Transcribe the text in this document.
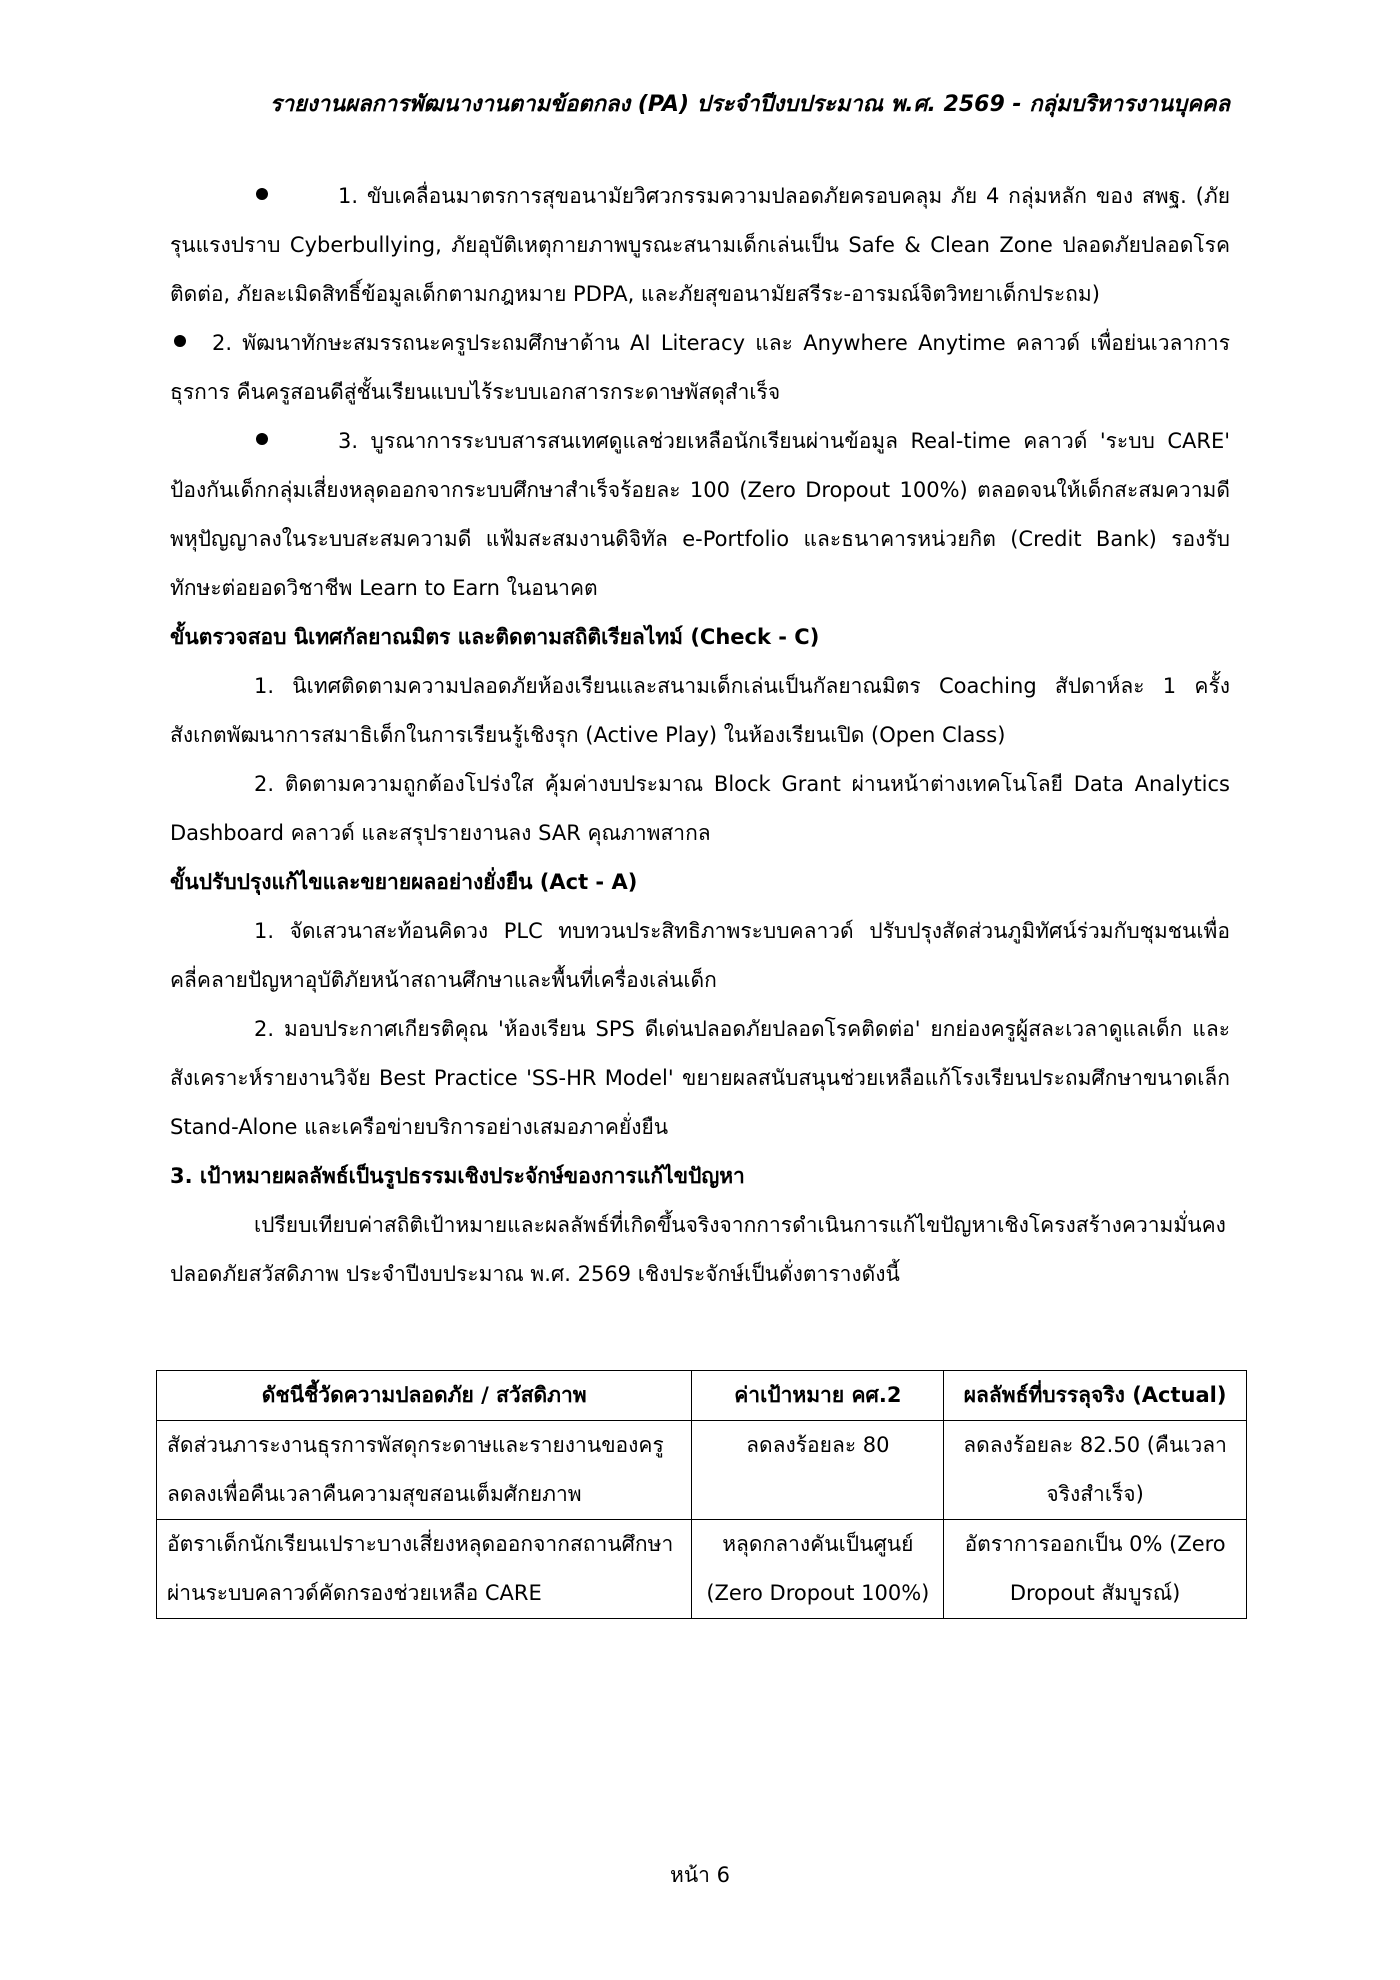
รายงานผลการพัฒนางานตามข้อตกลง (PA) ประจำปีงบประมาณ พ.ศ. 2569 - กลุ่มบริหารงานบุคคล

1. ขับเคลื่อนมาตรการสุขอนามัยวิศวกรรมความปลอดภัยครอบคลุม ภัย 4 กลุ่มหลัก ของ สพฐ. (ภัยรุนแรงปราบ Cyberbullying, ภัยอุบัติเหตุกายภาพบูรณะสนามเด็กเล่นเป็น Safe & Clean Zone ปลอดภัยปลอดโรคติดต่อ, ภัยละเมิดสิทธิ์ข้อมูลเด็กตามกฎหมาย PDPA, และภัยสุขอนามัยสรีระ-อารมณ์จิตวิทยาเด็กประถม)

2. พัฒนาทักษะสมรรถนะครูประถมศึกษาด้าน AI Literacy และ Anywhere Anytime คลาวด์ เพื่อย่นเวลาการธุรการ คืนครูสอนดีสู่ชั้นเรียนแบบไร้ระบบเอกสารกระดาษพัสดุสำเร็จ

3. บูรณาการระบบสารสนเทศดูแลช่วยเหลือนักเรียนผ่านข้อมูล Real-time คลาวด์ 'ระบบ CARE' ป้องกันเด็กกลุ่มเสี่ยงหลุดออกจากระบบศึกษาสำเร็จร้อยละ 100 (Zero Dropout 100%) ตลอดจนให้เด็กสะสมความดีพหุปัญญาลงในระบบสะสมความดี แฟ้มสะสมงานดิจิทัล e-Portfolio และธนาคารหน่วยกิต (Credit Bank) รองรับทักษะต่อยอดวิชาชีพ Learn to Earn ในอนาคต

ขั้นตรวจสอบ นิเทศกัลยาณมิตร และติดตามสถิติเรียลไทม์ (Check - C)

1. นิเทศติดตามความปลอดภัยห้องเรียนและสนามเด็กเล่นเป็นกัลยาณมิตร Coaching สัปดาห์ละ 1 ครั้ง สังเกตพัฒนาการสมาธิเด็กในการเรียนรู้เชิงรุก (Active Play) ในห้องเรียนเปิด (Open Class)

2. ติดตามความถูกต้องโปร่งใส คุ้มค่างบประมาณ Block Grant ผ่านหน้าต่างเทคโนโลยี Data Analytics Dashboard คลาวด์ และสรุปรายงานลง SAR คุณภาพสากล

ขั้นปรับปรุงแก้ไขและขยายผลอย่างยั่งยืน (Act - A)

1. จัดเสวนาสะท้อนคิดวง PLC ทบทวนประสิทธิภาพระบบคลาวด์ ปรับปรุงสัดส่วนภูมิทัศน์ร่วมกับชุมชนเพื่อคลี่คลายปัญหาอุบัติภัยหน้าสถานศึกษาและพื้นที่เครื่องเล่นเด็ก

2. มอบประกาศเกียรติคุณ 'ห้องเรียน SPS ดีเด่นปลอดภัยปลอดโรคติดต่อ' ยกย่องครูผู้สละเวลาดูแลเด็ก และสังเคราะห์รายงานวิจัย Best Practice 'SS-HR Model' ขยายผลสนับสนุนช่วยเหลือแก้โรงเรียนประถมศึกษาขนาดเล็ก Stand-Alone และเครือข่ายบริการอย่างเสมอภาคยั่งยืน

3. เป้าหมายผลลัพธ์เป็นรูปธรรมเชิงประจักษ์ของการแก้ไขปัญหา

เปรียบเทียบค่าสถิติเป้าหมายและผลลัพธ์ที่เกิดขึ้นจริงจากการดำเนินการแก้ไขปัญหาเชิงโครงสร้างความมั่นคงปลอดภัยสวัสดิภาพ ประจำปีงบประมาณ พ.ศ. 2569 เชิงประจักษ์เป็นดั่งตารางดังนี้

ดัชนีชี้วัดความปลอดภัย / สวัสดิภาพ	ค่าเป้าหมาย คศ.2	ผลลัพธ์ที่บรรลุจริง (Actual)
สัดส่วนภาระงานธุรการพัสดุกระดาษและรายงานของครูลดลงเพื่อคืนเวลาคืนความสุขสอนเต็มศักยภาพ	ลดลงร้อยละ 80	ลดลงร้อยละ 82.50 (คืนเวลาจริงสำเร็จ)
อัตราเด็กนักเรียนเปราะบางเสี่ยงหลุดออกจากสถานศึกษา ผ่านระบบคลาวด์คัดกรองช่วยเหลือ CARE	หลุดกลางคันเป็นศูนย์ (Zero Dropout 100%)	อัตราการออกเป็น 0% (Zero Dropout สัมบูรณ์)
หน้า 6
